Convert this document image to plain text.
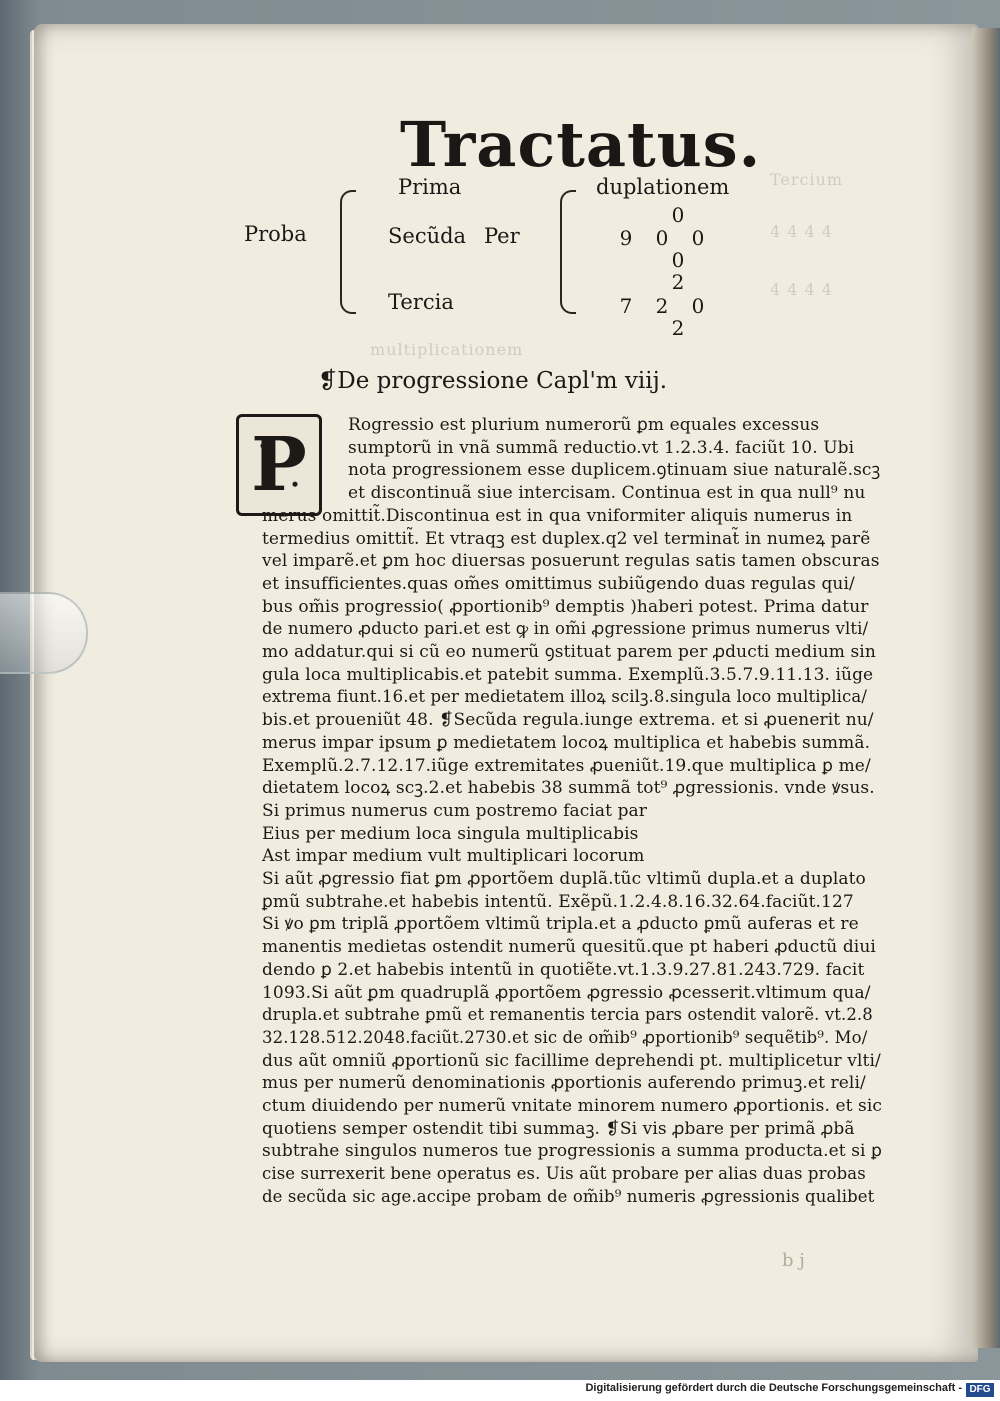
Tercium
4 4 4 4
4 4 4 4
multiplicationem
Tractatus.
Proba
Prima
Secũda
Tercia
Per
duplationem
0
9 0 0
0
2
7 2 0
2
❡De progressione Capl'm viij.
P	Rogressio est plurium numerorũ ꝑm equales excessus
sumptorũ in vnã summã reductio.vt 1.2.3.4. faciũt 10. Ubi
nota progressionem esse duplicem.ꝯtinuam siue naturalẽ.scꝫ
et discontinuã siue intercisam. Continua est in qua null⁹ nu
merus omittit̃.Discontinua est in qua vniformiter aliquis numerus in
termedius omittit̃. Et vtraqꝫ est duplex.q2 vel terminat̃ in numeꝝ parẽ
vel imparẽ.et ꝑm hoc diuersas posuerunt regulas satis tamen obscuras
et insufficientes.quas om̃es omittimus subiũgendo duas regulas qui/
bus om̃is progressio( ꝓportionib⁹ demptis )haberi potest. Prima datur
de numero ꝓducto pari.et est ꝙ in om̃i ꝓgressione primus numerus vlti/
mo addatur.qui si cũ eo numerũ ꝯstituat parem per ꝓducti medium sin
gula loca multiplicabis.et patebit summa. Exemplũ.3.5.7.9.11.13. iũge
extrema fiunt.16.et per medietatem illoꝝ scilꝫ.8.singula loco multiplica/
bis.et proueniũt 48. ❡Secũda regula.iunge extrema. et si ꝓuenerit nu/
merus impar ipsum ꝑ medietatem locoꝝ multiplica et habebis summã.
Exemplũ.2.7.12.17.iũge extremitates ꝓueniũt.19.que multiplica ꝑ me/
dietatem locoꝝ scꝫ.2.et habebis 38 summã tot⁹ ꝓgressionis. vnde ꝟsus.
Si primus numerus cum postremo faciat par
Eius per medium loca singula multiplicabis
Ast impar medium vult multiplicari locorum
Si aũt ꝓgressio fiat ꝑm ꝓportõem duplã.tũc vltimũ dupla.et a duplato
ꝑmũ subtrahe.et habebis intentũ. Exẽpũ.1.2.4.8.16.32.64.faciũt.127
Si ꝟo ꝑm triplã ꝓportõem vltimũ tripla.et a ꝓducto ꝑmũ auferas et re
manentis medietas ostendit numerũ quesitũ.que pt haberi ꝓductũ diui
dendo ꝑ 2.et habebis intentũ in quotiẽte.vt.1.3.9.27.81.243.729. facit
1093.Si aũt ꝑm quadruplã ꝓportõem ꝓgressio ꝓcesserit.vltimum qua/
drupla.et subtrahe ꝑmũ et remanentis tercia pars ostendit valorẽ. vt.2.8
32.128.512.2048.faciũt.2730.et sic de om̃ib⁹ ꝓportionib⁹ sequẽtib⁹. Mo/
dus aũt omniũ ꝓportionũ sic facillime deprehendi pt. multiplicetur vlti/
mus per numerũ denominationis ꝓportionis auferendo primuꝫ.et reli/
ctum diuidendo per numerũ vnitate minorem numero ꝓportionis. et sic
quotiens semper ostendit tibi summaꝫ. ❡Si vis ꝓbare per primã ꝓbã
subtrahe singulos numeros tue progressionis a summa producta.et si ꝑ
cise surrexerit bene operatus es. Uis aũt probare per alias duas probas
de secũda sic age.accipe probam de om̃ib⁹ numeris ꝓgressionis qualibet
b j
Digitalisierung gefördert durch die Deutsche Forschungsgemeinschaft - DFG
